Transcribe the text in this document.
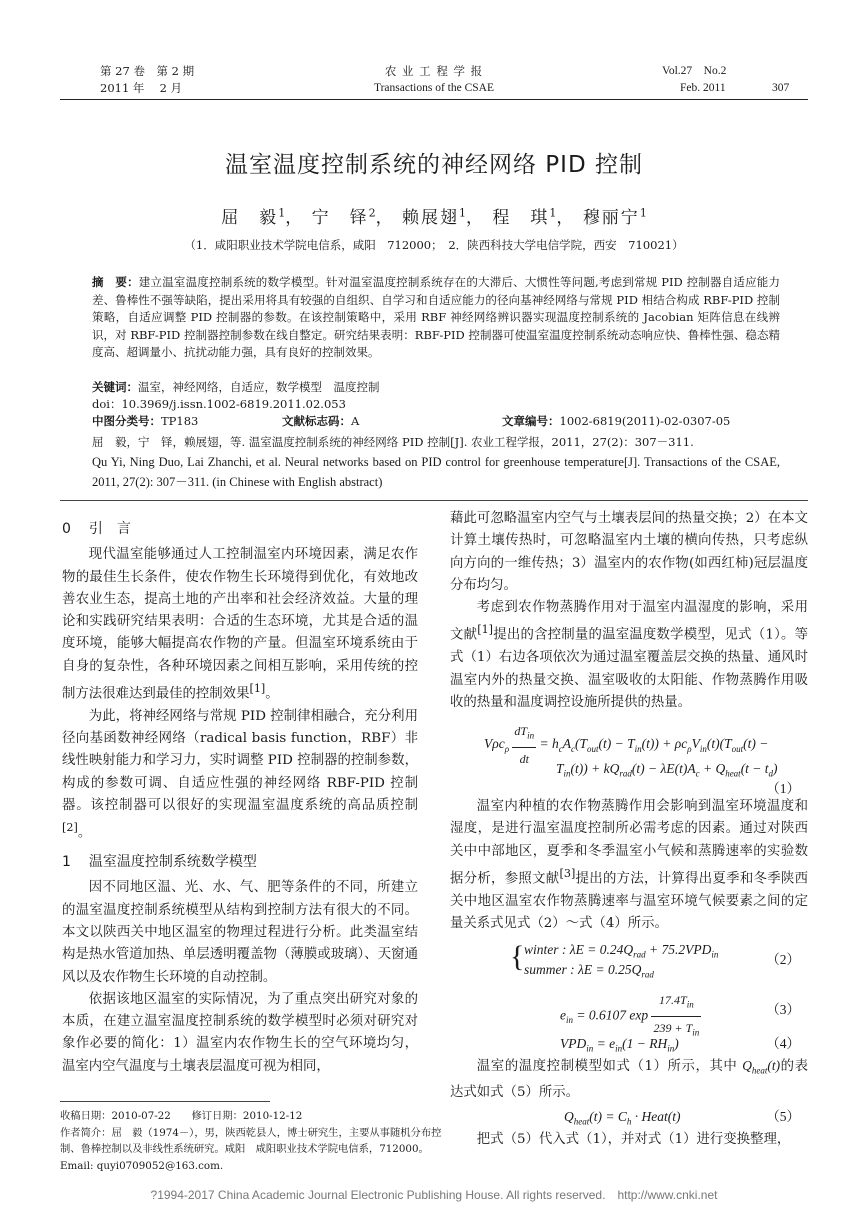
第 27 卷　第 2 期
2011 年　 2 月
农 业 工 程 学 报
Transactions of the CSAE
Vol.27　No.2
Feb. 2011	307
温室温度控制系统的神经网络 PID 控制
屈　毅$^1$， 宁　铎$^2$， 赖展翅$^1$， 程　琪$^1$， 穆丽宁$^1$
（1．咸阳职业技术学院电信系，咸阳　712000；　2．陕西科技大学电信学院，西安　710021）
摘　要：建立温室温度控制系统的数学模型。针对温室温度控制系统存在的大滞后、大惯性等问题,考虑到常规 PID 控制器自适应能力差、鲁棒性不强等缺陷，提出采用将具有较强的自组织、自学习和自适应能力的径向基神经网络与常规 PID 相结合构成 RBF-PID 控制策略，自适应调整 PID 控制器的参数。在该控制策略中，采用 RBF 神经网络辨识器实现温度控制系统的 Jacobian 矩阵信息在线辨识，对 RBF-PID 控制器控制参数在线自整定。研究结果表明：RBF-PID 控制器可使温室温度控制系统动态响应快、鲁棒性强、稳态精度高、超调量小、抗扰动能力强，具有良好的控制效果。
关键词：温室，神经网络，自适应，数学模型　温度控制
doi：10.3969/j.issn.1002-6819.2011.02.053
中图分类号：TP183	文献标志码：A	文章编号：1002-6819(2011)-02-0307-05
屈　毅，宁　铎，赖展翅，等. 温室温度控制系统的神经网络 PID 控制[J]. 农业工程学报，2011，27(2)：307－311.
Qu Yi, Ning Duo, Lai Zhanchi, et al. Neural networks based on PID control for greenhouse temperature[J]. Transactions of the CSAE, 2011, 27(2): 307－311. (in Chinese with English abstract)
0 引　言

现代温室能够通过人工控制温室内环境因素，满足农作物的最佳生长条件，使农作物生长环境得到优化，有效地改善农业生态，提高土地的产出率和社会经济效益。大量的理论和实践研究结果表明：合适的生态环境，尤其是合适的温度环境，能够大幅提高农作物的产量。但温室环境系统由于自身的复杂性，各种环境因素之间相互影响，采用传统的控制方法很难达到最佳的控制效果[1]。

为此，将神经网络与常规 PID 控制律相融合，充分利用径向基函数神经网络（radical basis function，RBF）非线性映射能力和学习力，实时调整 PID 控制器的控制参数，构成的参数可调、自适应性强的神经网络 RBF-PID 控制器。该控制器可以很好的实现温室温度系统的高品质控制[2]。

1 温室温度控制系统数学模型

因不同地区温、光、水、气、肥等条件的不同，所建立的温室温度控制系统模型从结构到控制方法有很大的不同。本文以陕西关中地区温室的物理过程进行分析。此类温室结构是热水管道加热、单层透明覆盖物（薄膜或玻璃）、天窗通风以及农作物生长环境的自动控制。

依据该地区温室的实际情况，为了重点突出研究对象的本质，在建立温室温度控制系统的数学模型时必须对研究对象作必要的简化：1）温室内农作物生长的空气环境均匀，温室内空气温度与土壤表层温度可视为相同，

藉此可忽略温室内空气与土壤表层间的热量交换；2）在本文计算土壤传热时，可忽略温室内土壤的横向传热，只考虑纵向方向的一维传热；3）温室内的农作物(如西红柿)冠层温度分布均匀。

考虑到农作物蒸腾作用对于温室内温湿度的影响，采用文献[1]提出的含控制量的温室温度数学模型，见式（1）。等式（1）右边各项依次为通过温室覆盖层交换的热量、通风时温室内外的热量交换、温室吸收的太阳能、作物蒸腾作用吸收的热量和温度调控设施所提供的热量。

$V\rho c_\rho \frac{dT_{in}}{dt} = h_cA_c(T_{out}(t) - T_{in}(t)) + \rho c_\rho V_{in}(t)(T_{out}(t)$ −
$T_{in}(t)) + kQ_{rad}(t) - \lambda E(t)A_c + Q_{heat}(t - t_d)$
（1）

温室内种植的农作物蒸腾作用会影响到温室环境温度和湿度，是进行温室温度控制所必需考虑的因素。通过对陕西关中中部地区，夏季和冬季温室小气候和蒸腾速率的实验数据分析，参照文献[3]提出的方法，计算得出夏季和冬季陕西关中地区温室农作物蒸腾速率与温室环境气候要素之间的定量关系式见式（2）～式（4）所示。

{ winter : $\lambda E = 0.24Q_{rad} + 75.2VPD_{in}$
summer : $\lambda E = 0.25Q_{rad}$
（2）
$e_{in} = 0.6107$ $\exp \frac{17.4T_{in}}{239 + T_{in}}$	（3）
$VPD_{in} = e_{in}(1 - RH_{in})$	（4）

温室的温度控制模型如式（1）所示，其中 $Q_{heat}(t)$的表达式如式（5）所示。

$Q_{heat}(t) = C_h$ · Heat(t)	（5）

把式（5）代入式（1），并对式（1）进行变换整理，

收稿日期：2010-07-22　　修订日期：2010-12-12
作者简介：屈　毅（1974－），男，陕西乾县人，博士研究生，主要从事随机分布控制、鲁棒控制以及非线性系统研究。咸阳　咸阳职业技术学院电信系，712000。Email: quyi0709052@163.com.
?1994-2017 China Academic Journal Electronic Publishing House. All rights reserved.　http://www.cnki.net
